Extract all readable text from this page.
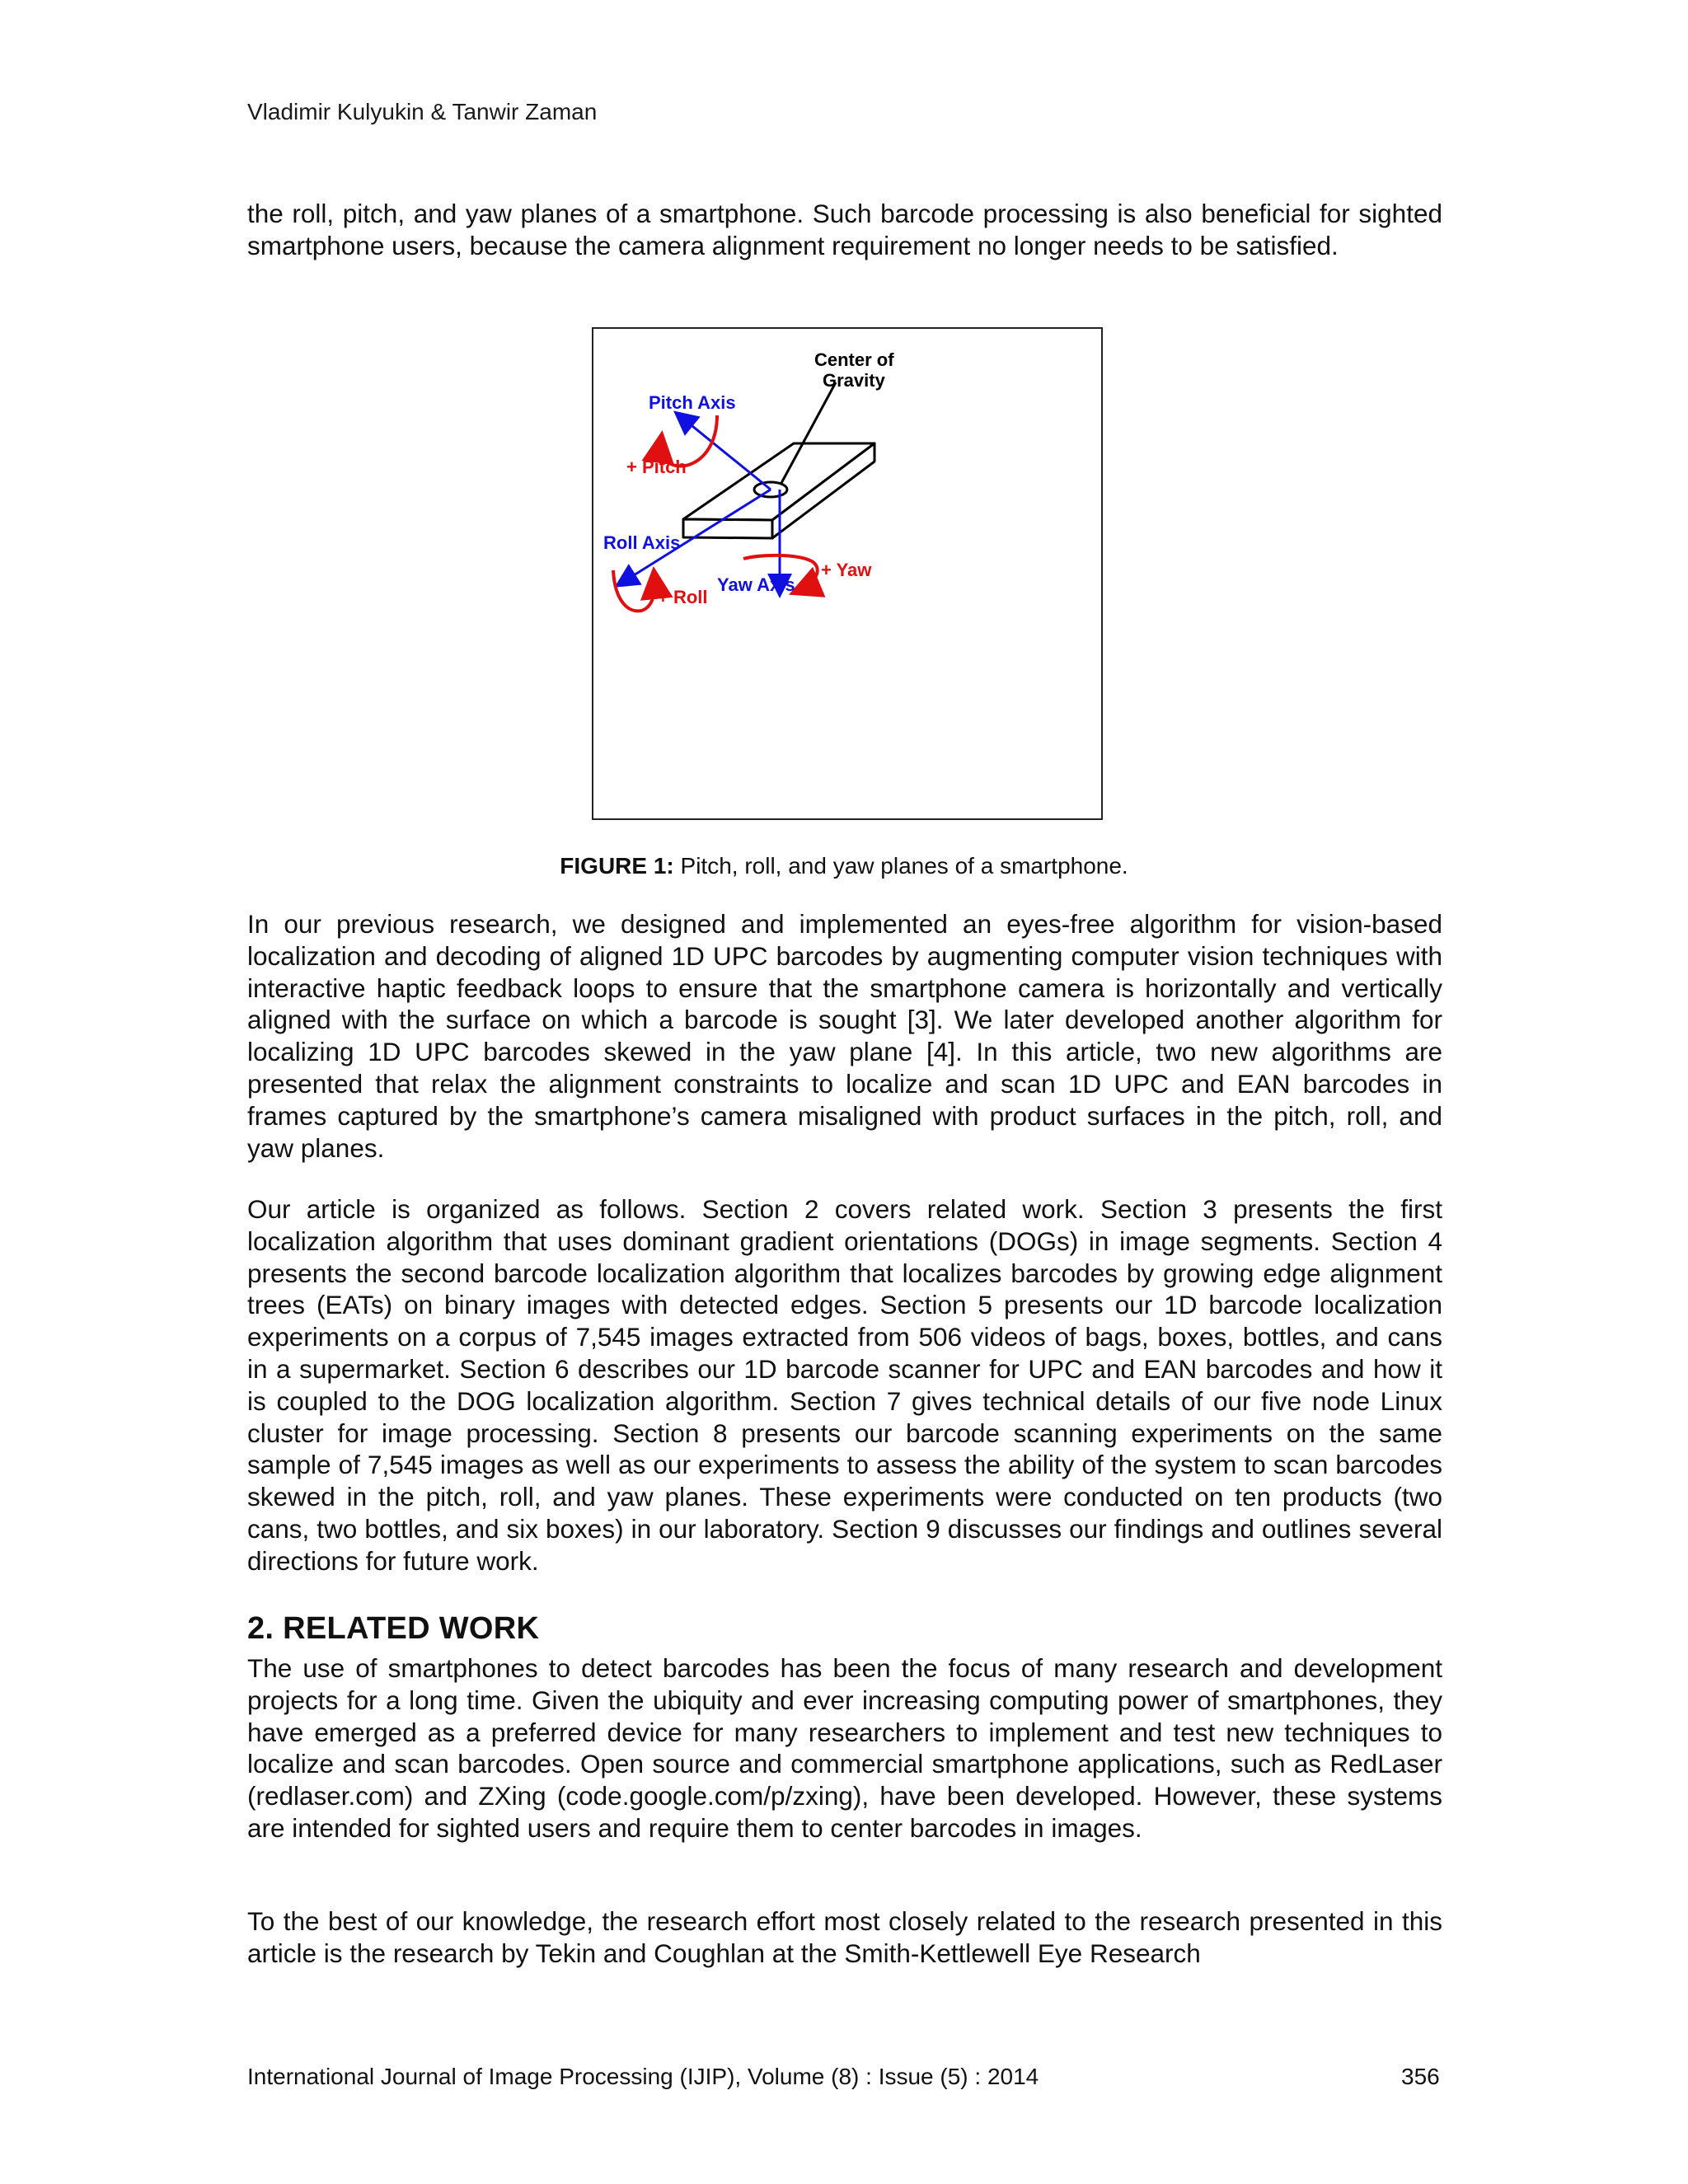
Vladimir Kulyukin & Tanwir Zaman

the roll, pitch, and yaw planes of a smartphone. Such barcode processing is also beneficial for sighted smartphone users, because the camera alignment requirement no longer needs to be satisfied.

Center of
Gravity
Pitch Axis
+ Pitch
Roll Axis
+ Roll
Yaw Axis
+ Yaw
FIGURE 1: Pitch, roll, and yaw planes of a smartphone.

In our previous research, we designed and implemented an eyes-free algorithm for vision-based localization and decoding of aligned 1D UPC barcodes by augmenting computer vision techniques with interactive haptic feedback loops to ensure that the smartphone camera is horizontally and vertically aligned with the surface on which a barcode is sought [3]. We later developed another algorithm for localizing 1D UPC barcodes skewed in the yaw plane [4]. In this article, two new algorithms are presented that relax the alignment constraints to localize and scan 1D UPC and EAN barcodes in frames captured by the smartphone’s camera misaligned with product surfaces in the pitch, roll, and yaw planes.

Our article is organized as follows. Section 2 covers related work. Section 3 presents the first localization algorithm that uses dominant gradient orientations (DOGs) in image segments. Section 4 presents the second barcode localization algorithm that localizes barcodes by growing edge alignment trees (EATs) on binary images with detected edges. Section 5 presents our 1D barcode localization experiments on a corpus of 7,545 images extracted from 506 videos of bags, boxes, bottles, and cans in a supermarket. Section 6 describes our 1D barcode scanner for UPC and EAN barcodes and how it is coupled to the DOG localization algorithm. Section 7 gives technical details of our five node Linux cluster for image processing. Section 8 presents our barcode scanning experiments on the same sample of 7,545 images as well as our experiments to assess the ability of the system to scan barcodes skewed in the pitch, roll, and yaw planes. These experiments were conducted on ten products (two cans, two bottles, and six boxes) in our laboratory. Section 9 discusses our findings and outlines several directions for future work.

2. RELATED WORK

The use of smartphones to detect barcodes has been the focus of many research and development projects for a long time. Given the ubiquity and ever increasing computing power of smartphones, they have emerged as a preferred device for many researchers to implement and test new techniques to localize and scan barcodes. Open source and commercial smartphone applications, such as RedLaser (redlaser.com) and ZXing (code.google.com/p/zxing), have been developed. However, these systems are intended for sighted users and require them to center barcodes in images.

To the best of our knowledge, the research effort most closely related to the research presented in this article is the research by Tekin and Coughlan at the Smith-Kettlewell Eye Research

International Journal of Image Processing (IJIP), Volume (8) : Issue (5) : 2014	356
